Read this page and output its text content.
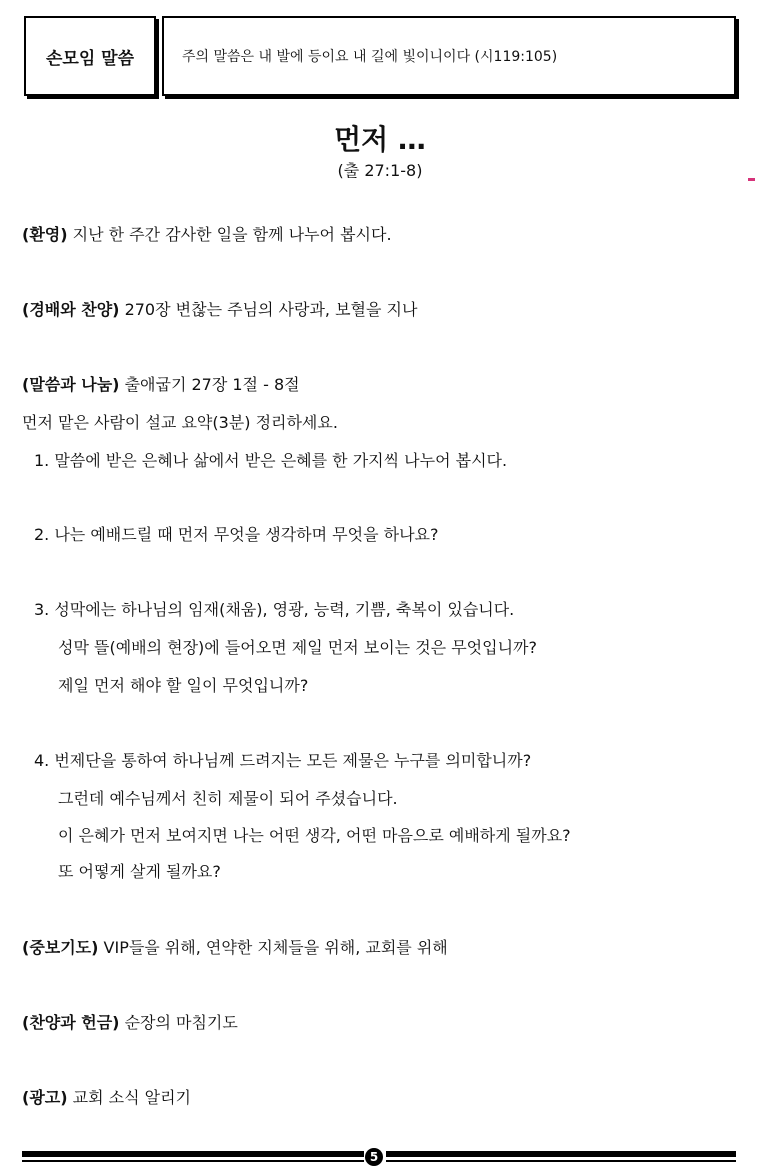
손모임 말씀	주의 말씀은 내 발에 등이요 내 길에 빛이니이다 (시119:105)
먼저 …
(출 27:1-8)
(환영) 지난 한 주간 감사한 일을 함께 나누어 봅시다.
(경배와 찬양) 270장 변찮는 주님의 사랑과, 보혈을 지나
(말씀과 나눔) 출애굽기 27장 1절 - 8절
먼저 맡은 사람이 설교 요약(3분) 정리하세요.
1. 말씀에 받은 은혜나 삶에서 받은 은혜를 한 가지씩 나누어 봅시다.
2. 나는 예배드릴 때 먼저 무엇을 생각하며 무엇을 하나요?
3. 성막에는 하나님의 임재(채움), 영광, 능력, 기쁨, 축복이 있습니다.
성막 뜰(예배의 현장)에 들어오면 제일 먼저 보이는 것은 무엇입니까?
제일 먼저 해야 할 일이 무엇입니까?
4. 번제단을 통하여 하나님께 드려지는 모든 제물은 누구를 의미합니까?
그런데 예수님께서 친히 제물이 되어 주셨습니다.
이 은혜가 먼저 보여지면 나는 어떤 생각, 어떤 마음으로 예배하게 될까요?
또 어떻게 살게 될까요?
(중보기도) VIP들을 위해, 연약한 지체들을 위해, 교회를 위해
(찬양과 헌금) 순장의 마침기도
(광고) 교회 소식 알리기
5
